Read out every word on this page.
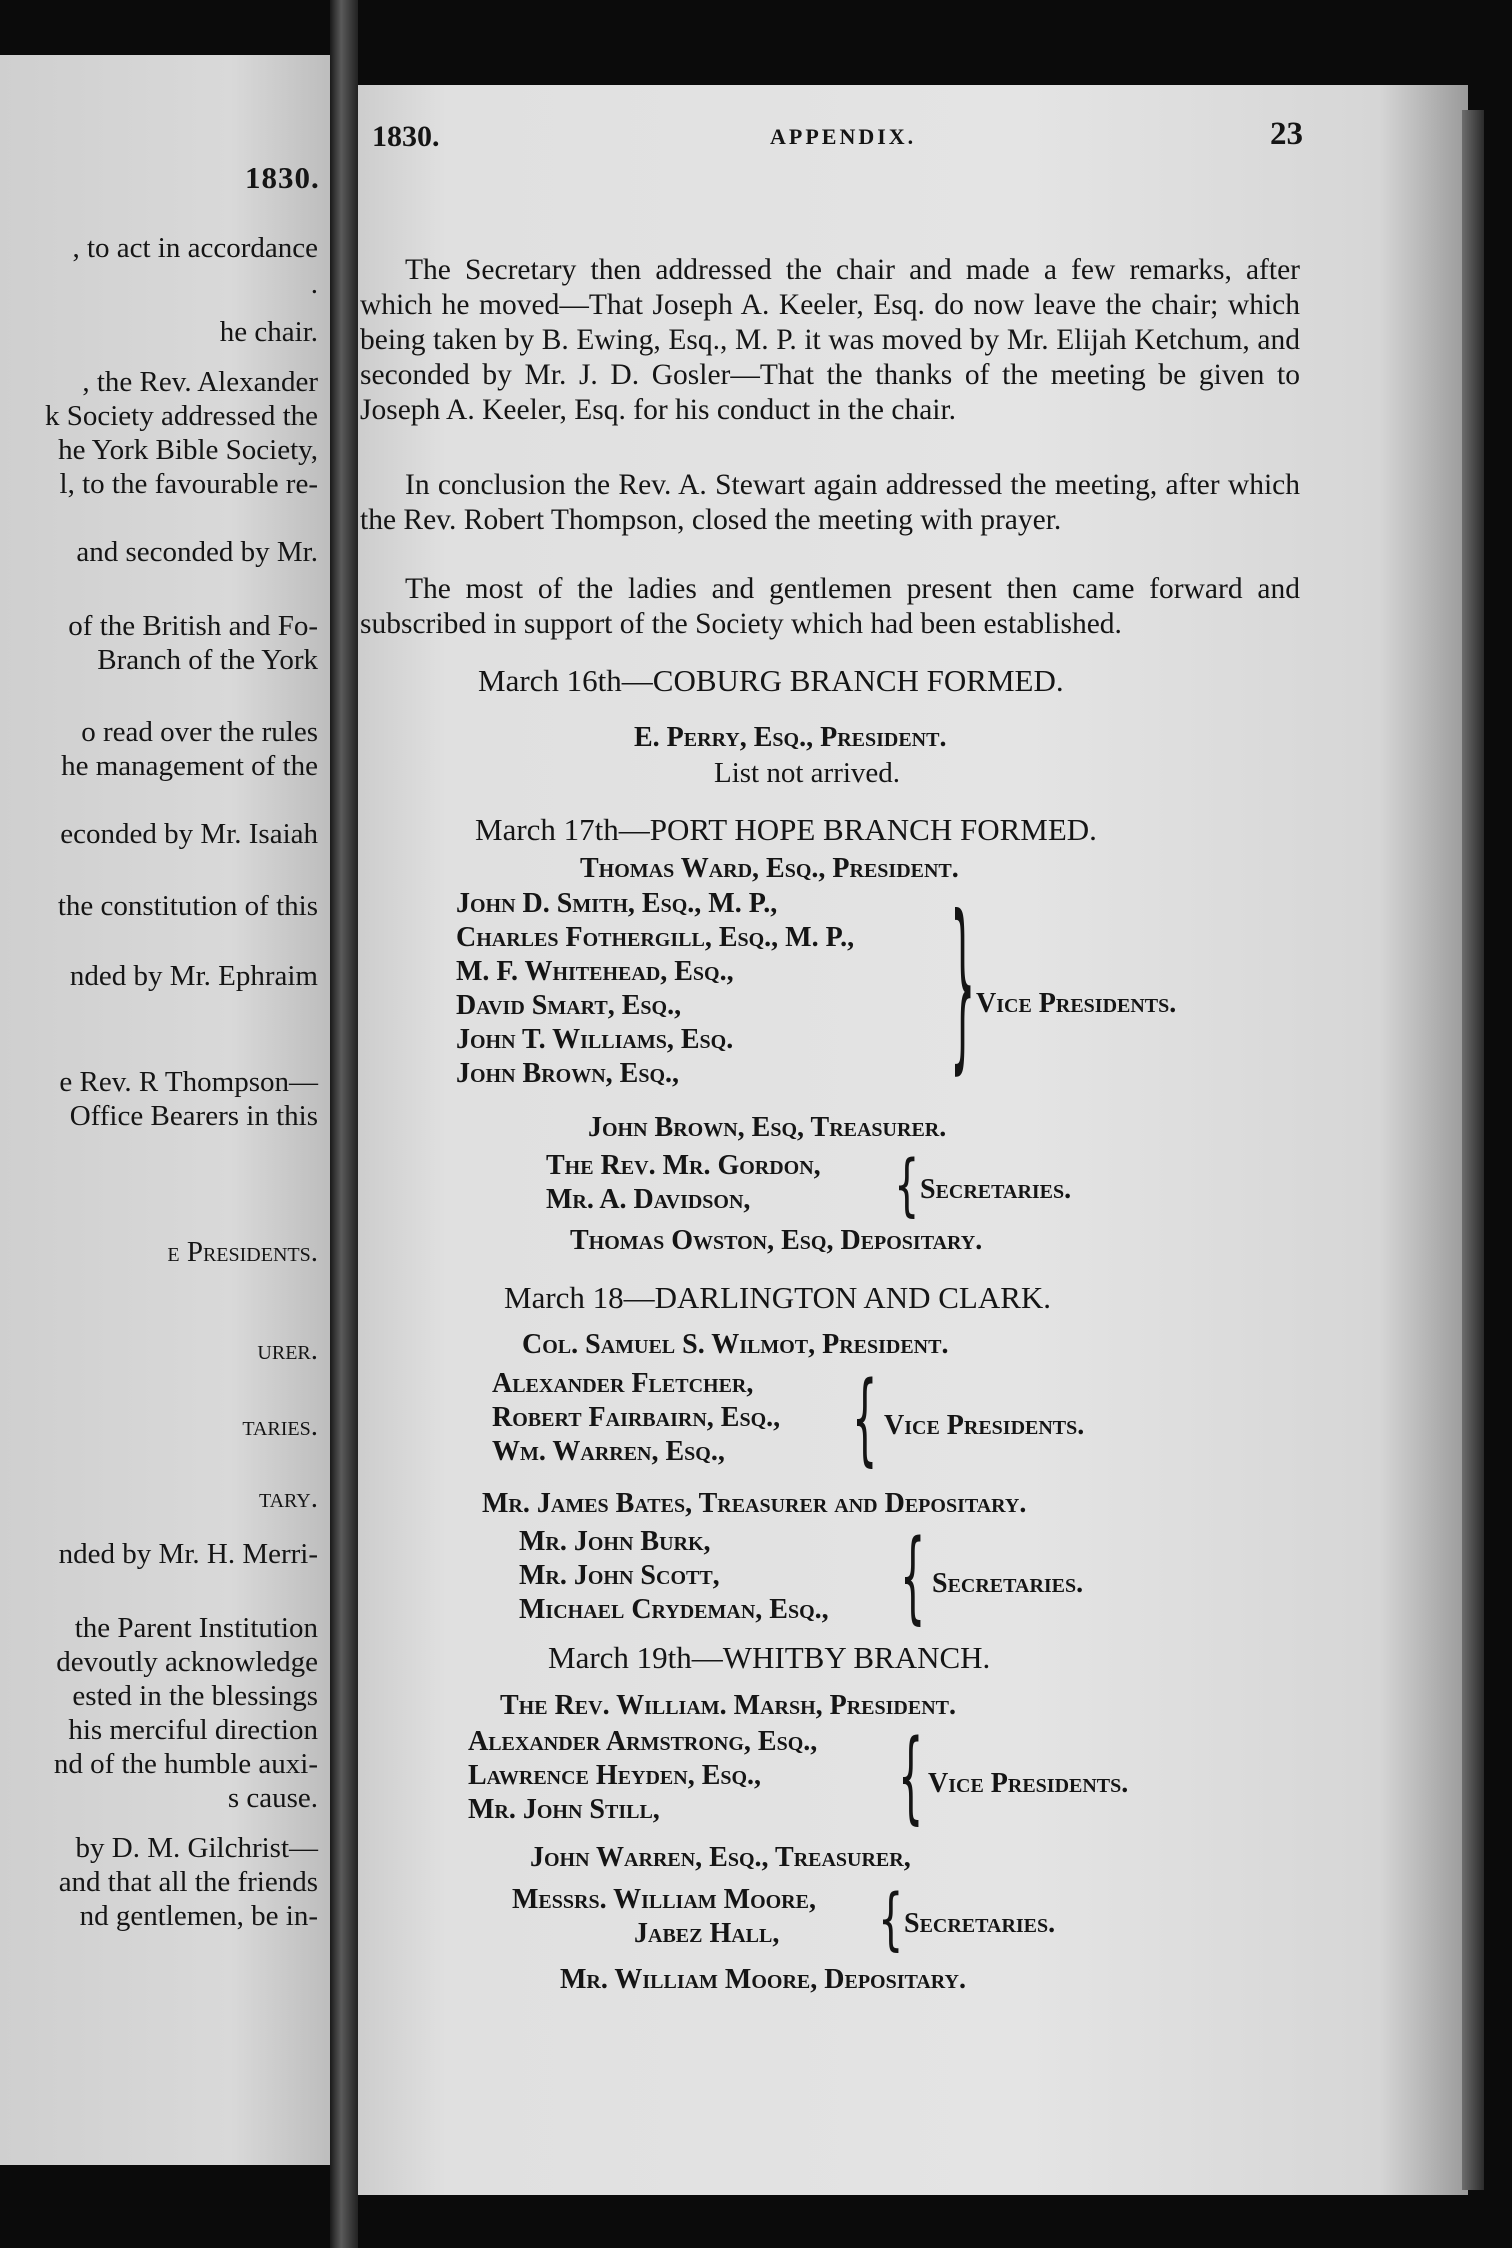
1830.
, to act in accordance
.
he chair.
, the Rev. Alexander
k Society addressed the
he York Bible Society,
l, to the favourable re-
and seconded by Mr.
of the British and Fo-
Branch of the York
o read over the rules
he management of the
econded by Mr. Isaiah
the constitution of this
nded by Mr. Ephraim
e Rev. R Thompson—
Office Bearers in this
e Presidents.
urer.
taries.
tary.
nded by Mr. H. Merri-
the Parent Institution
devoutly acknowledge
ested in the blessings
his merciful direction
nd of the humble auxi-
s cause.
by D. M. Gilchrist—
and that all the friends
nd gentlemen, be in-
1830.	APPENDIX.	23
The Secretary then addressed the chair and made a few remarks, after which he moved—That Joseph A. Keeler, Esq. do now leave the chair; which being taken by B. Ewing, Esq., M. P. it was moved by Mr. Elijah Ketchum, and seconded by Mr. J. D. Gosler—That the thanks of the meeting be given to Joseph A. Keeler, Esq. for his conduct in the chair.
In conclusion the Rev. A. Stewart again addressed the meeting, after which the Rev. Robert Thompson, closed the meeting with prayer.
The most of the ladies and gentlemen present then came forward and subscribed in support of the Society which had been established.
March 16th—COBURG BRANCH FORMED.
E. Perry, Esq., President.
List not arrived.
March 17th—PORT HOPE BRANCH FORMED.
Thomas Ward, Esq., President.
John D. Smith, Esq., M. P.,
Charles Fothergill, Esq., M. P.,
M. F. Whitehead, Esq.,
David Smart, Esq.,
John T. Williams, Esq.
John Brown, Esq.,	} Vice Presidents.
John Brown, Esq, Treasurer.
The Rev. Mr. Gordon,
Mr. A. Davidson,	{ Secretaries.
Thomas Owston, Esq, Depositary.
March 18—DARLINGTON AND CLARK.
Col. Samuel S. Wilmot, President.
Alexander Fletcher,
Robert Fairbairn, Esq.,
Wm. Warren, Esq.,	{ Vice Presidents.
Mr. James Bates, Treasurer and Depositary.
Mr. John Burk,
Mr. John Scott,
Michael Crydeman, Esq., { Secretaries.
March 19th—WHITBY BRANCH.
The Rev. William. Marsh, President.
Alexander Armstrong, Esq.,
Lawrence Heyden, Esq.,
Mr. John Still,	{ Vice Presidents.
John Warren, Esq., Treasurer,
Messrs. William Moore,
Jabez Hall, { Secretaries.
Mr. William Moore, Depositary.
